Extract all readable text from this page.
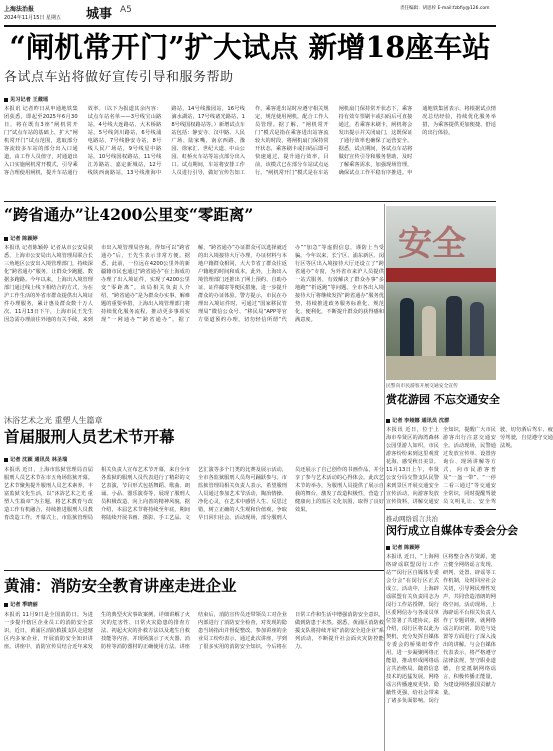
上海法治报
2024年11月15日 星期五 城事 A5	责任编辑：胡思梓 E-mail:fzbfiy@126.com
“闸机常开门”扩大试点 新增18座车站
各试点车站将做好宣传引导和服务帮助
见习记者 王葳瑶
本报讯 记者昨日从申通地铁集团获悉，即起至2025年6月30日，将在既有3座“闸机常开门”试点车站的基础上，扩大“闸机常开门”试点范围，选取部分客流较多车站的部分出入口通道，由工作人员值守，对通道出入口实施闸机常开模式，引导乘客合理使用闸机，提升车站通行效率。（以下为报道其余内容：试点车站名单——3号线宝山路站，4号线大连路站、大木桥路站，5号线剑川路站，6号线浦电路站，7号线静安寺站，8号线人民广场站，9号线星中路站，10号线国权路站，11号线江苏路站、嘉定新城站，12号线陕西南路站，13号线淮海中路站，14号线豫园站，16号线滴水湖站，17号线诸光路站，18号线国权路站等。）新增试点车站包括：静安寺、汉中路、人民广场、陆家嘴、南京西路、豫园、徐家汇、世纪大道、中山公园、虹桥火车站等站点部分出入口。试点期间，车站将安排工作人员进行引导，做好宣传告知工作，乘客进出站时应遵守相关规定，规范使用闸机，配合工作人员管理。据了解，“闸机常开门”模式是指在乘客进出站客流较大的时段，将闸机扇门保持常开状态，乘客刷卡或扫码后即可快速通过，提升通行效率。目前，该模式已在部分车站试点运行。“闸机常开门”模式是在车站闸机扇门保持常开状态下，乘客持有效车票刷卡或扫码后可直接通过，若乘客未刷卡，闸机将会发出提示并关闭扇门，这既保证了通行效率也确保了运营安全。据悉，试点期间，各试点车站将做好宣传引导和服务帮助，及时了解乘客需求，加强现场管理，确保试点工作平稳有序推进。申通地铁集团表示，将根据试点情况总结经验，持续优化服务举措，为乘客提供更加便捷、舒适的出行体验。
“跨省通办”让4200公里变“零距离”
记者 陈颖婷
本报讯 记者陈颖婷 记者从市公安局获悉，上海市公安局出入境管理局联合长三角地区公安出入境管理部门，持续深化“跨省通办”服务，让群众少跑腿、数据多跑路。今年以来，上海出入境管理部门通过线上线下相结合的方式，为在沪工作生活的外省市群众提供出入境证件办理服务，累计惠及群众数十万人次。11月13日下午，上海市民王先生因急需办理前往外地的有关手续，来到市出入境管理局咨询。得知可以“跨省通办”后，王先生表示非常方便。据悉，此前，一位远在4200公里外的新疆籍市民也通过“跨省通办”在上海成功办理了出入境证件，实现了4200公里变“零距离”。该局相关负责人介绍，“跨省通办”是为群众办实事、解难题的重要举措，上海出入境管理部门将持续优化服务流程，推动更多事项实现“一网通办”“跨省通办”。据了解，“跨省通办”办证群众可以选择就近的出入境接待大厅办理，办证材料与本地户籍群众相同，大大节省了群众往返户籍地的时间和成本。此外，上海出入境管理部门还推出了网上预约、自助办证、证件邮寄等便民措施，进一步提升群众的办证体验。警方提示，市民在办理出入境证件时，可通过“国家移民管理局”微信公众号、“移民局”APP等官方渠道预约办理，切勿轻信所谓“代办”“加急”等虚假信息，谨防上当受骗。今年以来，长宁区、浦东新区、闵行区等区出入境接待大厅还设立了“跨省通办”专窗，为外省市来沪人员提供一站式服务，有效解决了群众办事“多地跑”“折返跑”等问题。全市各出入境接待大厅将继续发挥“跨省通办”服务优势，持续推进政务服务标准化、规范化、便利化，不断提升群众的获得感和满意度。
安全
民警向市民游客开展交通安全宣传
赏花游园 不忘交通安全
记者 李娅娜 通讯员 沈群
本报讯 近日，位于上海市奉贤区的海湾森林公园里游人如织，市民游客纷纷来到这里观赏花海、感受秋日美景。11月13日上午，奉贤公安分局交警支队民警来到景区开展交通安全宣传活动，向游客发放宣传资料，讲解交通安全知识，提醒广大市民游客出行注意交通安全。活动现场，民警通过发放宣传单、设置咨询台、现场讲解等方式，向市民游客普及“一盔一带”、“一停二看三通过”等交通安全常识，同时提醒驾驶员文明礼让、安全驾驶，切勿酒后驾车、疲劳驾驶，自觉遵守交通法规。
沐浴艺术之光 重塑人生篇章
首届服刑人员艺术节开幕
记者 沈颖 通讯员 林圣瑞
本报讯 近日，上海市监狱管理局首届服刑人员艺术节在市五角场监狱开幕。艺术节聚焦提升服刑人员艺术素养，丰富监狱文化生活，以“沐浴艺术之光 重塑人生篇章”为主题，将艺术教育与改造工作有机融合，持续推进服刑人员教育改造工作。开幕式上，市监狱管理局相关负责人宣布艺术节开幕，来自全市各监狱的服刑人员代表进行了精彩的文艺表演，节目形式包括舞蹈、歌曲、朗诵、小品、器乐演奏等，展现了服刑人员积极改造、向上向善的精神风貌。据介绍，本届艺术节将持续至年底，期间将陆续开展书画、摄影、手工艺品、文艺汇演等多个门类的比赛及展示活动，全市各监狱服刑人员均可踊跃参与。市监狱管理局相关负责人表示，希望服刑人员通过参加艺术节活动，陶冶情操、净化心灵，在艺术中感悟人生、反思过错，树立正确的人生观和价值观，争取早日回归社会。活动现场，部分服刑人员还展示了自己创作的书画作品，并分享了参与艺术活动的心得体会。此次艺术节的举办，为服刑人员提供了展示自我的舞台，激发了改造积极性，营造了健康向上的监区文化氛围，取得了良好效果。
黄浦：消防安全教育讲座走进企业
记者 季晓丽
本报讯 11月9日是全国消防日。为进一步提升辖区企业员工的消防安全意识，近日，黄浦区消防救援支队走进辖区内多家企业，开展消防安全知识讲座。讲座中，消防宣传员结合近年来发生的典型火灾事故案例，详细讲解了火灾的危害性、日常火灾隐患的排查方法、初起火灾的扑救方法以及逃生自救技能等内容，并现场演示了灭火器、消防栓等消防器材的正确使用方法。讲座结束后，消防宣传员还带领员工对企业内部进行了消防安全检查，对发现的隐患当场指出并督促整改。参加讲座的企业员工纷纷表示，通过此次讲座，学到了很多实用的消防安全知识，今后将在日常工作和生活中增强消防安全意识，做到防患于未然。据悉，黄浦区消防救援支队将持续开展“消防安全进企业”系列活动，不断提升社会面火灾防控能力。
推动网络谣言共治
闵行成立自媒体专委会分会
记者 陈颖婷
本报讯 近日，“上海网络辟谣联盟闵行工作站”“闵行区自媒体专委会分会”在闵行区正式成立。活动中，上海辟谣联盟有关负责同志为闵行工作站授牌，闵行区委网信办与各成员单位签署了共建协议。据介绍，闵行区将以此为契机，充分发挥自媒体专委会的桥梁纽带作用，进一步凝聚网络正能量，推动形成网络谣言共治格局。随着信息技术的迅猛发展，网络谣言传播速度更快、隐蔽性更强，给社会带来了诸多负面影响。闵行区将整合各方资源，建立健全网络谣言发现、研判、处置、辟谣等工作机制，及时回应社会关切，引导网民理性发声，共同营造清朗的网络空间。活动现场，上海辟谣平台相关负责人作了专题讲座，就网络谣言的识别、防范与处置等方面进行了深入浅出的讲解。与会自媒体代表表示，将严格遵守法律法规，坚守职业道德，自觉抵制网络谣言，积极传播正能量，为建设网络强国贡献力量。
